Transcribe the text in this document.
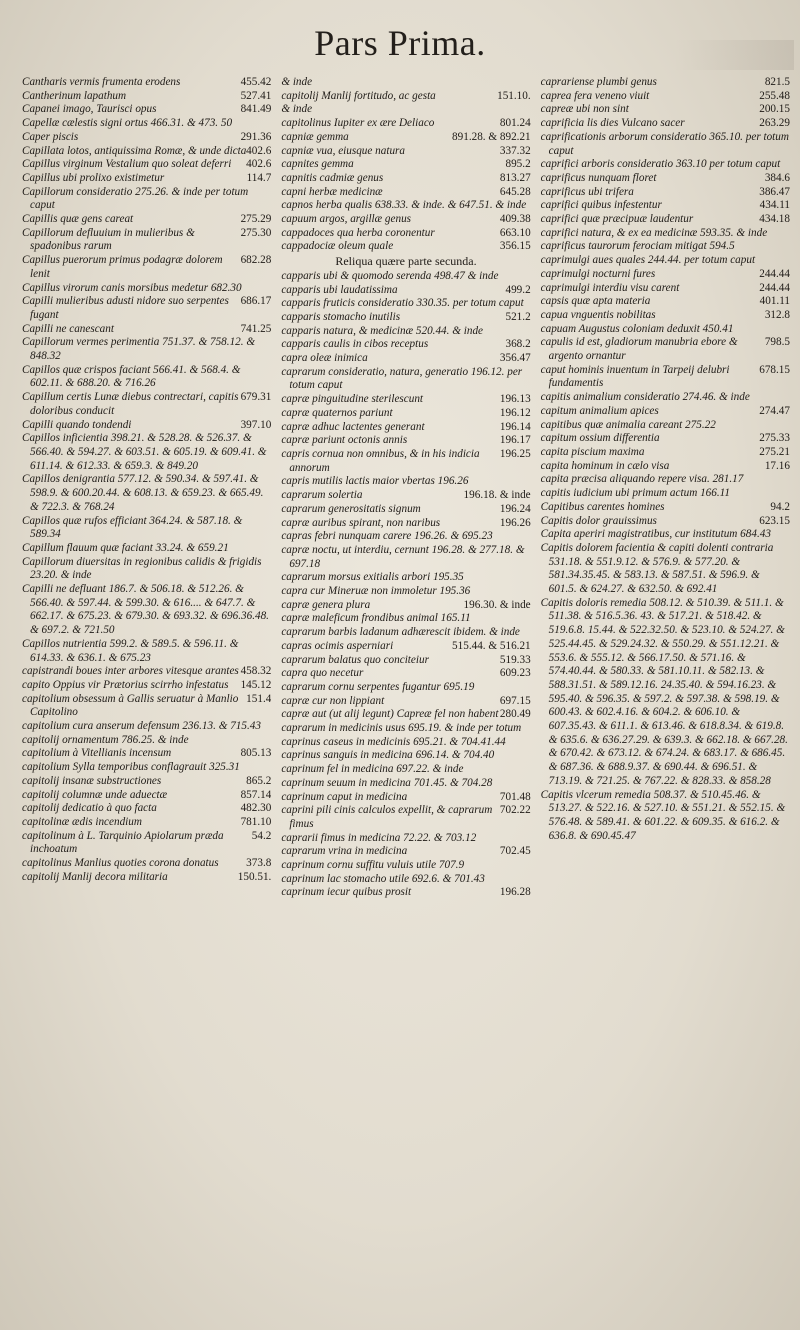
Pars Prima.
455.42
Cantharis vermis frumenta erodens
527.41
Cantherinum lapathum
841.49
Capanei imago, Taurisci opus
Capellæ cælestis signi ortus 466.31. & 473. 50
291.36
Caper piscis
402.6
Capillata lotos, antiquissima Romæ, & unde dicta
402.6
Capillus virginum Vestalium quo soleat deferri
114.7
Capillus ubi prolixo existimetur
Capillorum consideratio 275.26. & inde per totum caput
275.29
Capillis quæ gens careat
275.30
Capillorum defluuium in mulieribus & spadonibus rarum
682.28
Capillus puerorum primus podagræ dolorem lenit
Capillus virorum canis morsibus medetur 682.30
686.17
Capilli mulieribus adusti nidore suo serpentes fugant
741.25
Capilli ne canescant
Capillorum vermes perimentia 751.37. & 758.12. & 848.32
Capillos quæ crispos faciant 566.41. & 568.4. & 602.11. & 688.20. & 716.26
679.31
Capillum certis Lunæ diebus contrectari, capitis doloribus conducit
397.10
Capilli quando tondendi
Capillos inficientia 398.21. & 528.28. & 526.37. & 566.40. & 594.27. & 603.51. & 605.19. & 609.41. & 611.14. & 612.33. & 659.3. & 849.20
Capillos denigrantia 577.12. & 590.34. & 597.41. & 598.9. & 600.20.44. & 608.13. & 659.23. & 665.49. & 722.3. & 768.24
Capillos quæ rufos efficiant 364.24. & 587.18. & 589.34
Capillum flauum quæ faciant 33.24. & 659.21
Capillorum diuersitas in regionibus calidis & frigidis 23.20. & inde
Capilli ne defluant 186.7. & 506.18. & 512.26. & 566.40. & 597.44. & 599.30. & 616.... & 647.7. & 662.17. & 675.23. & 679.30. & 693.32. & 696.36.48. & 697.2. & 721.50
Capillos nutrientia 599.2. & 589.5. & 596.11. & 614.33. & 636.1. & 675.23
458.32
capistrandi boues inter arbores vitesque arantes
145.12
capito Oppius vir Prætorius scirrho infestatus
151.4
capitolium obsessum à Gallis seruatur à Manlio Capitolino
capitolium cura anserum defensum 236.13. & 715.43
capitolij ornamentum 786.25. & inde
805.13
capitolium à Vitellianis incensum
capitolium Sylla temporibus conflagrauit 325.31
865.2
capitolij insanæ substructiones
857.14
capitolij columnæ unde aduectæ
482.30
capitolij dedicatio à quo facta
781.10
capitolinæ ædis incendium
54.2
capitolinum à L. Tarquinio Apiolarum præda inchoatum
373.8
capitolinus Manlius quoties corona donatus
150.51.
capitolij Manlij decora militaria
& inde
151.10.
capitolij Manlij fortitudo, ac gesta
& inde
801.24
capitolinus Iupiter ex ære Deliaco
891.28. & 892.21
capniæ gemma
337.32
capniæ vua, eiusque natura
895.2
capnites gemma
813.27
capnitis cadmiæ genus
645.28
capni herbæ medicinæ
capnos herba qualis 638.33. & inde. & 647.51. & inde
409.38
capuum argos, argillæ genus
663.10
cappadoces qua herba coronentur
356.15
cappadociæ oleum quale
Reliqua quære parte secunda.
capparis ubi & quomodo serenda 498.47 & inde
499.2
capparis ubi laudatissima
capparis fruticis consideratio 330.35. per totum caput
521.2
capparis stomacho inutilis
capparis natura, & medicinæ 520.44. & inde
368.2
capparis caulis in cibos receptus
356.47
capra oleæ inimica
caprarum consideratio, natura, generatio 196.12. per totum caput
196.13
capræ pinguitudine sterilescunt
196.12
capræ quaternos pariunt
196.14
capræ adhuc lactentes generant
196.17
capræ pariunt octonis annis
196.25
capris cornua non omnibus, & in his indicia annorum
capris mutilis lactis maior vbertas 196.26
196.18. & inde
caprarum solertia
196.24
caprarum generositatis signum
196.26
capræ auribus spirant, non naribus
capras febri nunquam carere 196.26. & 695.23
capræ noctu, ut interdiu, cernunt 196.28. & 277.18. & 697.18
caprarum morsus exitialis arbori 195.35
capra cur Mineruæ non immoletur 195.36
196.30. & inde
capræ genera plura
capræ maleficum frondibus animal 165.11
caprarum barbis ladanum adhærescit ibidem. & inde
515.44. & 516.21
capras ocimis asperniari
519.33
caprarum balatus quo conciteiur
609.23
capra quo necetur
caprarum cornu serpentes fugantur 695.19
697.15
capræ cur non lippiant
280.49
capræ aut (ut alij legunt) Capreæ fel non habent
caprarum in medicinis usus 695.19. & inde per totum
caprinus caseus in medicinis 695.21. & 704.41.44
caprinus sanguis in medicina 696.14. & 704.40
caprinum fel in medicina 697.22. & inde
caprinum seuum in medicina 701.45. & 704.28
701.48
caprinum caput in medicina
702.22
caprini pili cinis calculos expellit, & caprarum fimus
caprarii fimus in medicina 72.22. & 703.12
702.45
caprarum vrina in medicina
caprinum cornu suffitu vuluis utile 707.9
caprinum lac stomacho utile 692.6. & 701.43
196.28
caprinum iecur quibus prosit
821.5
caprariense plumbi genus
255.48
caprea fera veneno viuit
200.15
capreæ ubi non sint
263.29
caprificia lis dies Vulcano sacer
caprificationis arborum consideratio 365.10. per totum caput
caprifici arboris consideratio 363.10 per totum caput
384.6
caprificus nunquam floret
386.47
caprificus ubi trifera
434.11
caprifici quibus infestentur
434.18
caprifici quæ præcipuæ laudentur
caprifici natura, & ex ea medicinæ 593.35. & inde
caprificus taurorum ferociam mitigat 594.5
caprimulgi aues quales 244.44. per totum caput
244.44
caprimulgi nocturni fures
244.44
caprimulgi interdiu visu carent
401.11
capsis quæ apta materia
312.8
capua vnguentis nobilitas
capuam Augustus coloniam deduxit 450.41
798.5
capulis id est, gladiorum manubria ebore & argento ornantur
678.15
caput hominis inuentum in Tarpeij delubri fundamentis
capitis animalium consideratio 274.46. & inde
274.47
capitum animalium apices
capitibus quæ animalia careant 275.22
275.33
capitum ossium differentia
275.21
capita piscium maxima
17.16
capita hominum in cælo visa
capita præcisa aliquando repere visa. 281.17
capitis iudicium ubi primum actum 166.11
94.2
Capitibus carentes homines
623.15
Capitis dolor grauissimus
Capita aperiri magistratibus, cur institutum 684.43
Capitis dolorem facientia & capiti dolenti contraria 531.18. & 551.9.12. & 576.9. & 577.20. & 581.34.35.45. & 583.13. & 587.51. & 596.9. & 601.5. & 624.27. & 632.50. & 692.41
Capitis doloris remedia 508.12. & 510.39. & 511.1. & 511.38. & 516.5.36. 43. & 517.21. & 518.42. & 519.6.8. 15.44. & 522.32.50. & 523.10. & 524.27. & 525.44.45. & 529.24.32. & 550.29. & 551.12.21. & 553.6. & 555.12. & 566.17.50. & 571.16. & 574.40.44. & 580.33. & 581.10.11. & 582.13. & 588.31.51. & 589.12.16. 24.35.40. & 594.16.23. & 595.40. & 596.35. & 597.2. & 597.38. & 598.19. & 600.43. & 602.4.16. & 604.2. & 606.10. & 607.35.43. & 611.1. & 613.46. & 618.8.34. & 619.8. & 635.6. & 636.27.29. & 639.3. & 662.18. & 667.28. & 670.42. & 673.12. & 674.24. & 683.17. & 686.45. & 687.36. & 688.9.37. & 690.44. & 696.51. & 713.19. & 721.25. & 767.22. & 828.33. & 858.28
Capitis vlcerum remedia 508.37. & 510.45.46. & 513.27. & 522.16. & 527.10. & 551.21. & 552.15. & 576.48. & 589.41. & 601.22. & 609.35. & 616.2. & 636.8. & 690.45.47
